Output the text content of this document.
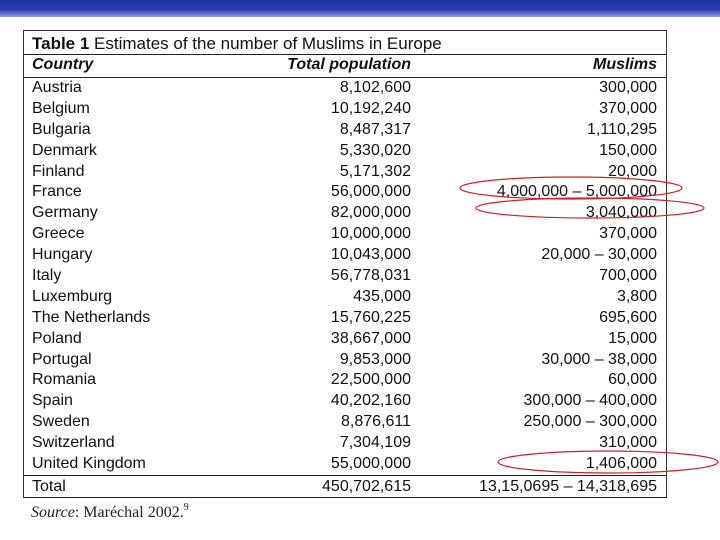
Table 1 Estimates of the number of Muslims in Europe
Country	Total population	Muslims
Austria	8,102,600	300,000
Belgium	10,192,240	370,000
Bulgaria	8,487,317	1,110,295
Denmark	5,330,020	150,000
Finland	5,171,302	20,000
France	56,000,000	4,000,000 – 5,000,000
Germany	82,000,000	3,040,000
Greece	10,000,000	370,000
Hungary	10,043,000	20,000 – 30,000
Italy	56,778,031	700,000
Luxemburg	435,000	3,800
The Netherlands	15,760,225	695,600
Poland	38,667,000	15,000
Portugal	9,853,000	30,000 – 38,000
Romania	22,500,000	60,000
Spain	40,202,160	300,000 – 400,000
Sweden	8,876,611	250,000 – 300,000
Switzerland	7,304,109	310,000
United Kingdom	55,000,000	1,406,000
Total	450,702,615	13,15,0695 – 14,318,695
Source: Maréchal 2002.$^9$
